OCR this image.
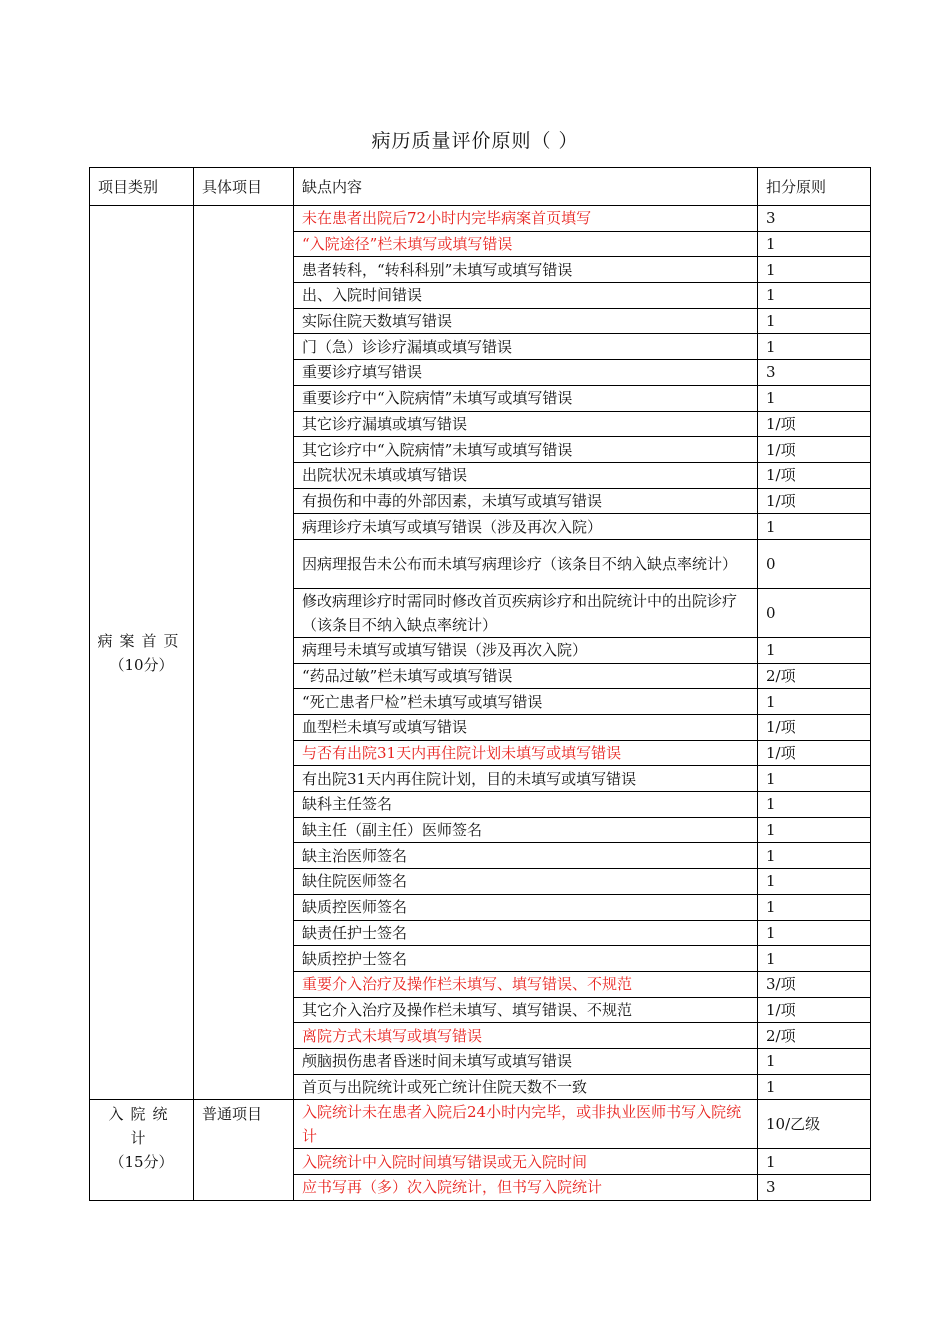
病历质量评价原则（ ）
项目类别	具体项目	缺点内容	扣分原则

病案首页
（10分）		未在患者出院后72小时内完毕病案首页填写	3
		“入院途径”栏未填写或填写错误	1
		患者转科，“转科科别”未填写或填写错误	1
		出、入院时间错误	1
		实际住院天数填写错误	1
		门（急）诊诊疗漏填或填写错误	1
		重要诊疗填写错误	3
		重要诊疗中“入院病情”未填写或填写错误	1
		其它诊疗漏填或填写错误	1/项
		其它诊疗中“入院病情”未填写或填写错误	1/项
		出院状况未填或填写错误	1/项
		有损伤和中毒的外部因素，未填写或填写错误	1/项
		病理诊疗未填写或填写错误（涉及再次入院）	1
		因病理报告未公布而未填写病理诊疗（该条目不纳入缺点率统计）	0
		修改病理诊疗时需同时修改首页疾病诊疗和出院统计中的出院诊疗（该条目不纳入缺点率统计）	0
		病理号未填写或填写错误（涉及再次入院）	1
		“药品过敏”栏未填写或填写错误	2/项
		“死亡患者尸检”栏未填写或填写错误	1
		血型栏未填写或填写错误	1/项
		与否有出院31天内再住院计划未填写或填写错误	1/项
		有出院31天内再住院计划，目的未填写或填写错误	1
		缺科主任签名	1
		缺主任（副主任）医师签名	1
		缺主治医师签名	1
		缺住院医师签名	1
		缺质控医师签名	1
		缺责任护士签名	1
		缺质控护士签名	1
		重要介入治疗及操作栏未填写、填写错误、不规范	3/项
		其它介入治疗及操作栏未填写、填写错误、不规范	1/项
		离院方式未填写或填写错误	2/项
		颅脑损伤患者昏迷时间未填写或填写错误	1
		首页与出院统计或死亡统计住院天数不一致	1

入院统计
（15分）	普通项目	入院统计未在患者入院后24小时内完毕，或非执业医师书写入院统计	10/乙级
		入院统计中入院时间填写错误或无入院时间	1
		应书写再（多）次入院统计，但书写入院统计	3
